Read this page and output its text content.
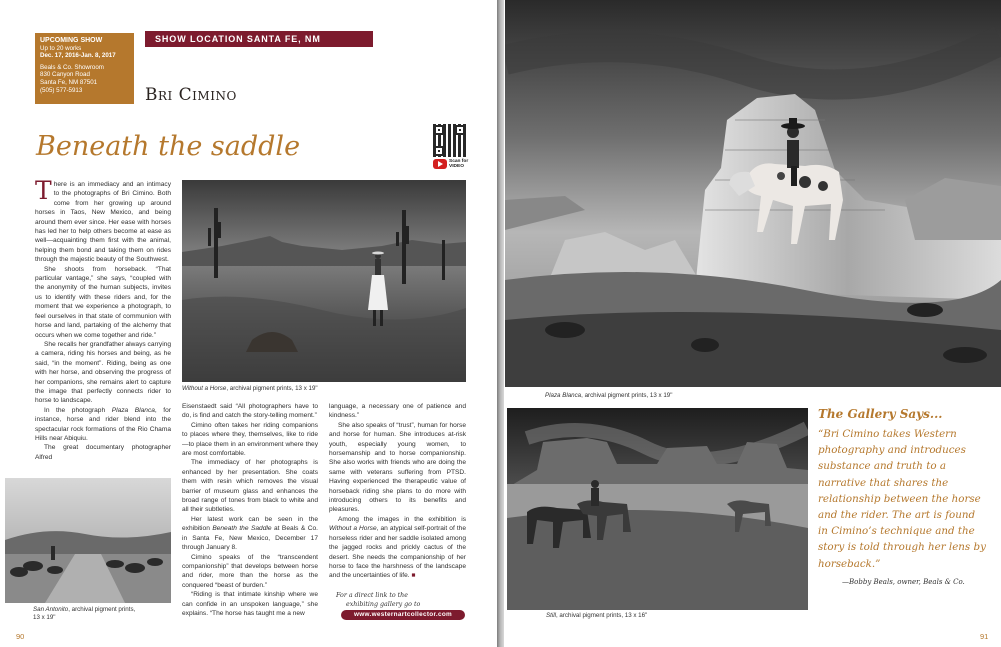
UPCOMING SHOW
Up to 20 works
Dec. 17, 2016-Jan. 8, 2017
Beals & Co. Showroom
830 Canyon Road
Santa Fe, NM 87501
(505) 577-5913
SHOW LOCATION SANTA FE, NM
Bri Cimino
Beneath the saddle	Scan for VIDEO

There is an immediacy and an intimacy to the photographs of Bri Cimino. Both come from her growing up around horses in Taos, New Mexico, and being around them ever since. Her ease with horses has led her to help others become at ease as well—acquainting them first with the animal, helping them bond and taking them on rides through the majestic beauty of the Southwest.

She shoots from horseback. “That particular vantage,” she says, “coupled with the anonymity of the human subjects, invites us to identify with these riders and, for the moment that we experience a photograph, to feel ourselves in that state of communion with horse and land, partaking of the alchemy that occurs when we come together and ride.”

She recalls her grandfather always carrying a camera, riding his horses and being, as he said, “in the moment”. Riding, being as one with her horse, and observing the progress of her companions, she remains alert to capture the image that perfectly connects rider to horse to landscape.

In the photograph Plaza Blanca, for instance, horse and rider blend into the spectacular rock formations of the Rio Chama Hills near Abiquiu.

The great documentary photographer Alfred

Without a Horse, archival pigment prints, 13 x 19"
San Antonito, archival pigment prints,
13 x 19"

Eisenstaedt said “All photographers have to do, is find and catch the story-telling moment.”

Cimino often takes her riding companions to places where they, themselves, like to ride—to place them in an environment where they are most comfortable.

The immediacy of her photographs is enhanced by her presentation. She coats them with resin which removes the visual barrier of museum glass and enhances the broad range of tones from black to white and all their subtleties.

Her latest work can be seen in the exhibition Beneath the Saddle at Beals & Co. in Santa Fe, New Mexico, December 17 through January 8.

Cimino speaks of the “transcendent companionship” that develops between horse and rider, more than the horse as the conquered “beast of burden.”

“Riding is that intimate kinship where we can confide in an unspoken language,” she explains. “The horse has taught me a new

language, a necessary one of patience and kindness.”

She also speaks of “trust”, human for horse and horse for human. She introduces at-risk youth, especially young women, to horsemanship and to horse companionship. She also works with friends who are doing the same with veterans suffering from PTSD. Having experienced the therapeutic value of horseback riding she plans to do more with introducing others to its benefits and pleasures.

Among the images in the exhibition is Without a Horse, an atypical self-portrait of the horseless rider and her saddle isolated among the jagged rocks and prickly cactus of the desert. She needs the companionship of her horse to face the harshness of the landscape and the uncertainties of life. ■

For a direct link to the
exhibiting gallery go to
www.westernartcollector.com
90
Plaza Blanca, archival pigment prints, 13 x 19"
Still, archival pigment prints, 13 x 16"
91
The Gallery Says...
“Bri Cimino takes Western photography and introduces substance and truth to a narrative that shares the relationship between the horse and the rider. The art is found in Cimino’s technique and the story is told through her lens by horseback.”
—Bobby Beals, owner, Beals & Co.
